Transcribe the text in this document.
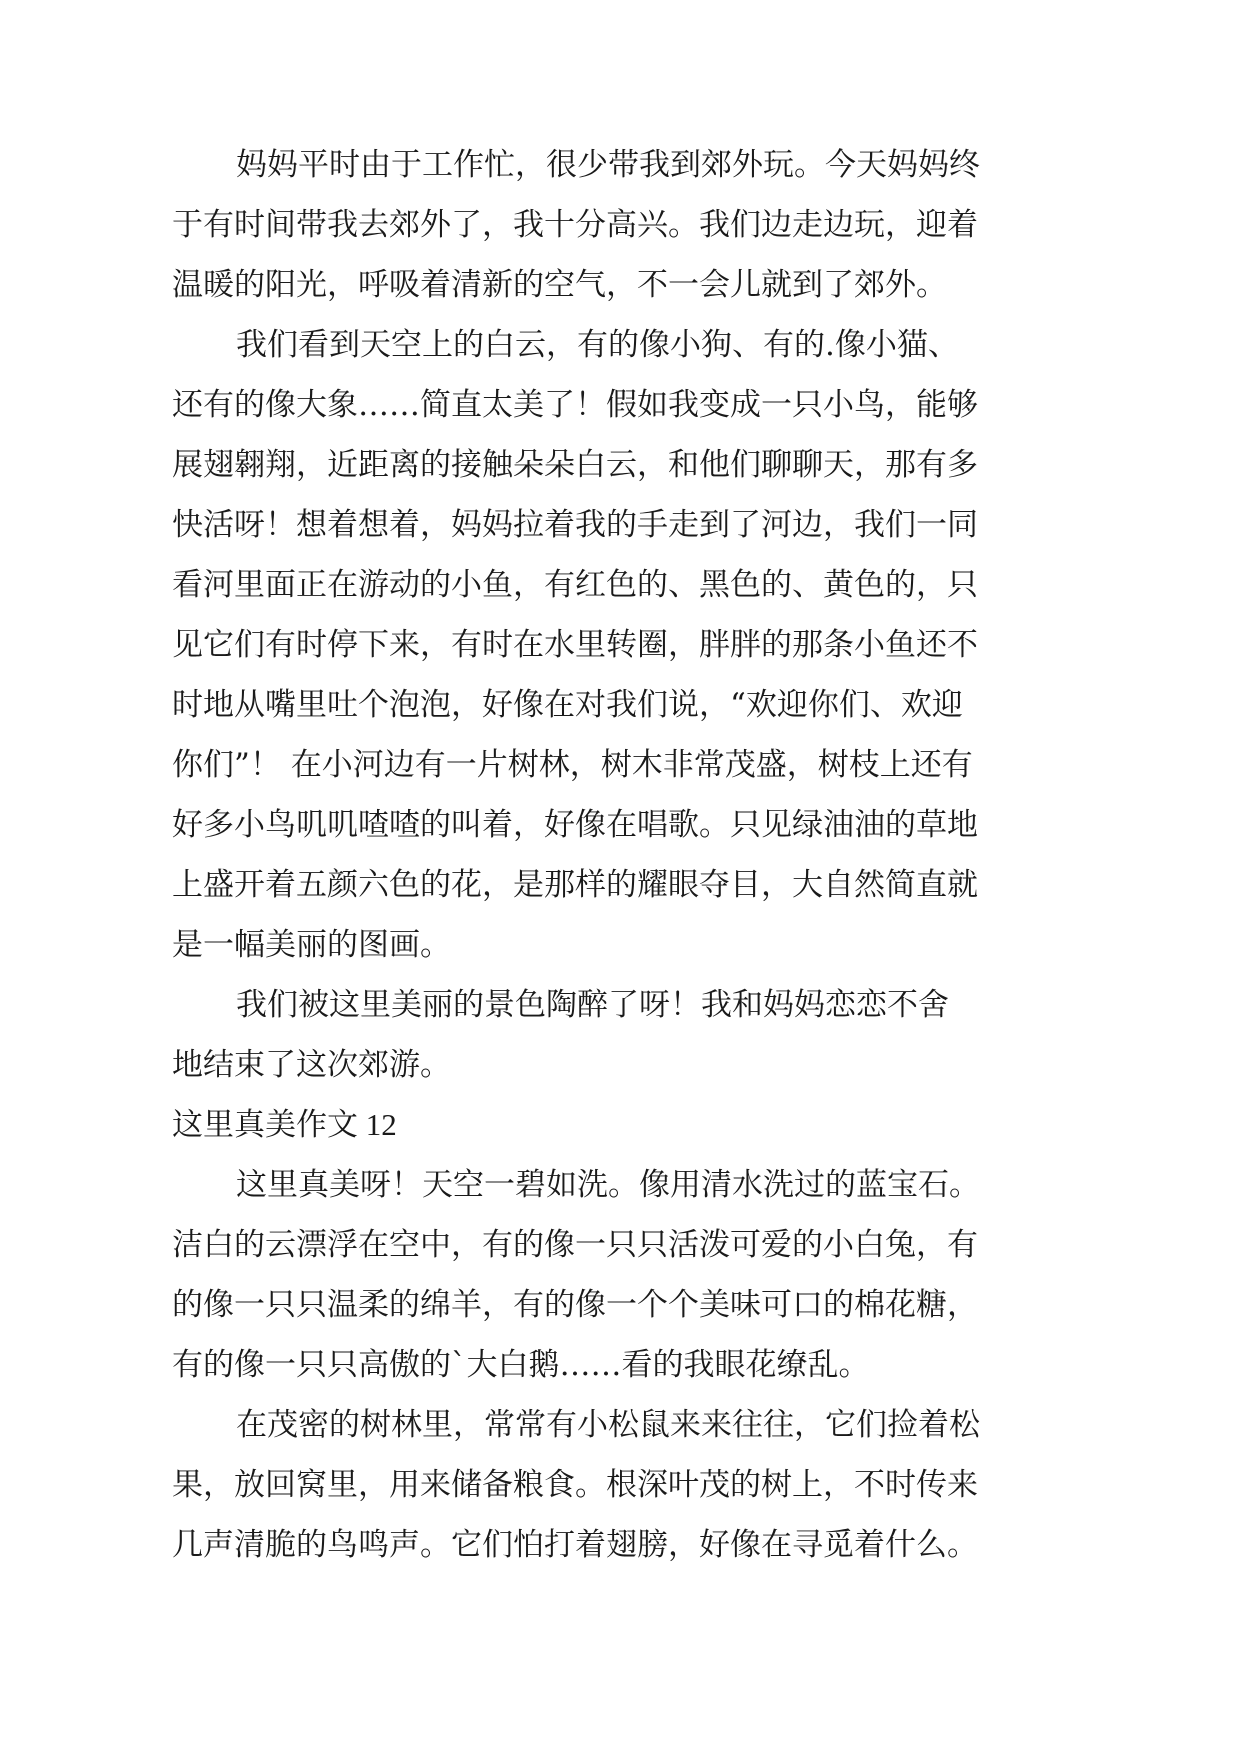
妈妈平时由于工作忙，很少带我到郊外玩。今天妈妈终

于有时间带我去郊外了，我十分高兴。我们边走边玩，迎着

温暖的阳光，呼吸着清新的空气，不一会儿就到了郊外。

我们看到天空上的白云，有的像小狗、有的.像小猫、

还有的像大象……简直太美了！假如我变成一只小鸟，能够

展翅翱翔，近距离的接触朵朵白云，和他们聊聊天，那有多

快活呀！想着想着，妈妈拉着我的手走到了河边，我们一同

看河里面正在游动的小鱼，有红色的、黑色的、黄色的，只

见它们有时停下来，有时在水里转圈，胖胖的那条小鱼还不

时地从嘴里吐个泡泡，好像在对我们说，“欢迎你们、欢迎

你们”！ 在小河边有一片树林，树木非常茂盛，树枝上还有

好多小鸟叽叽喳喳的叫着，好像在唱歌。只见绿油油的草地

上盛开着五颜六色的花，是那样的耀眼夺目，大自然简直就

是一幅美丽的图画。

我们被这里美丽的景色陶醉了呀！我和妈妈恋恋不舍

地结束了这次郊游。

这里真美作文 12

这里真美呀！天空一碧如洗。像用清水洗过的蓝宝石。

洁白的云漂浮在空中，有的像一只只活泼可爱的小白兔，有

的像一只只温柔的绵羊，有的像一个个美味可口的棉花糖，

有的像一只只高傲的`大白鹅……看的我眼花缭乱。

在茂密的树林里，常常有小松鼠来来往往，它们捡着松

果，放回窝里，用来储备粮食。根深叶茂的树上，不时传来

几声清脆的鸟鸣声。它们怕打着翅膀，好像在寻觅着什么。
